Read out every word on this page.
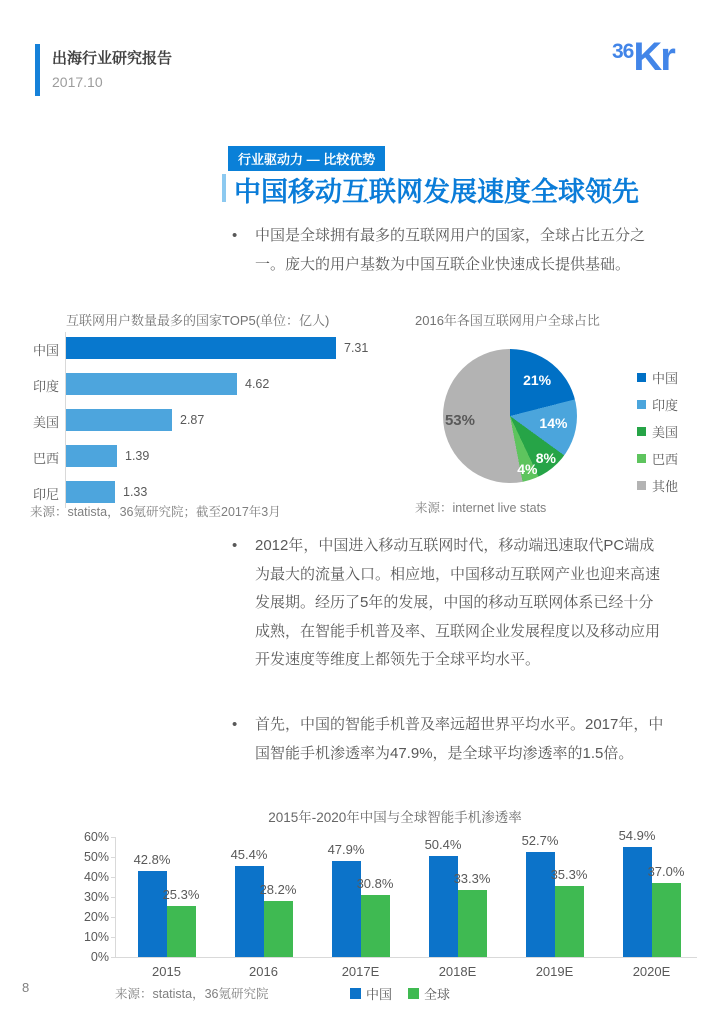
出海行业研究报告
2017.10
36 Kr
行业驱动力 — 比较优势
中国移动互联网发展速度全球领先
• 中国是全球拥有最多的互联网用户的国家，全球占比五分之一。庞大的用户基数为中国互联企业快速成长提供基础。
互联网用户数量最多的国家TOP5(单位：亿人)
中国	7.31
印度	4.62
美国	2.87
巴西	1.39
印尼	1.33
来源：statista，36氪研究院；截至2017年3月
2016年各国互联网用户全球占比
21%
14%
8%
4%
53%
中国
印度
美国
巴西
其他
来源：internet live stats
• 2012年，中国进入移动互联网时代，移动端迅速取代PC端成为最大的流量入口。相应地，中国移动互联网产业也迎来高速发展期。经历了5年的发展，中国的移动互联网体系已经十分成熟，在智能手机普及率、互联网企业发展程度以及移动应用开发速度等维度上都领先于全球平均水平。
• 首先，中国的智能手机普及率远超世界平均水平。2017年，中国智能手机渗透率为47.9%，是全球平均渗透率的1.5倍。
2015年-2020年中国与全球智能手机渗透率
0%
10%
20%
30%
40%
50%
60%
42.8%
25.3%
2015
45.4%
28.2%
2016
47.9%
30.8%
2017E
50.4%
33.3%
2018E
52.7%
35.3%
2019E
54.9%
37.0%
2020E
来源：statista，36氪研究院	中国 全球
8
